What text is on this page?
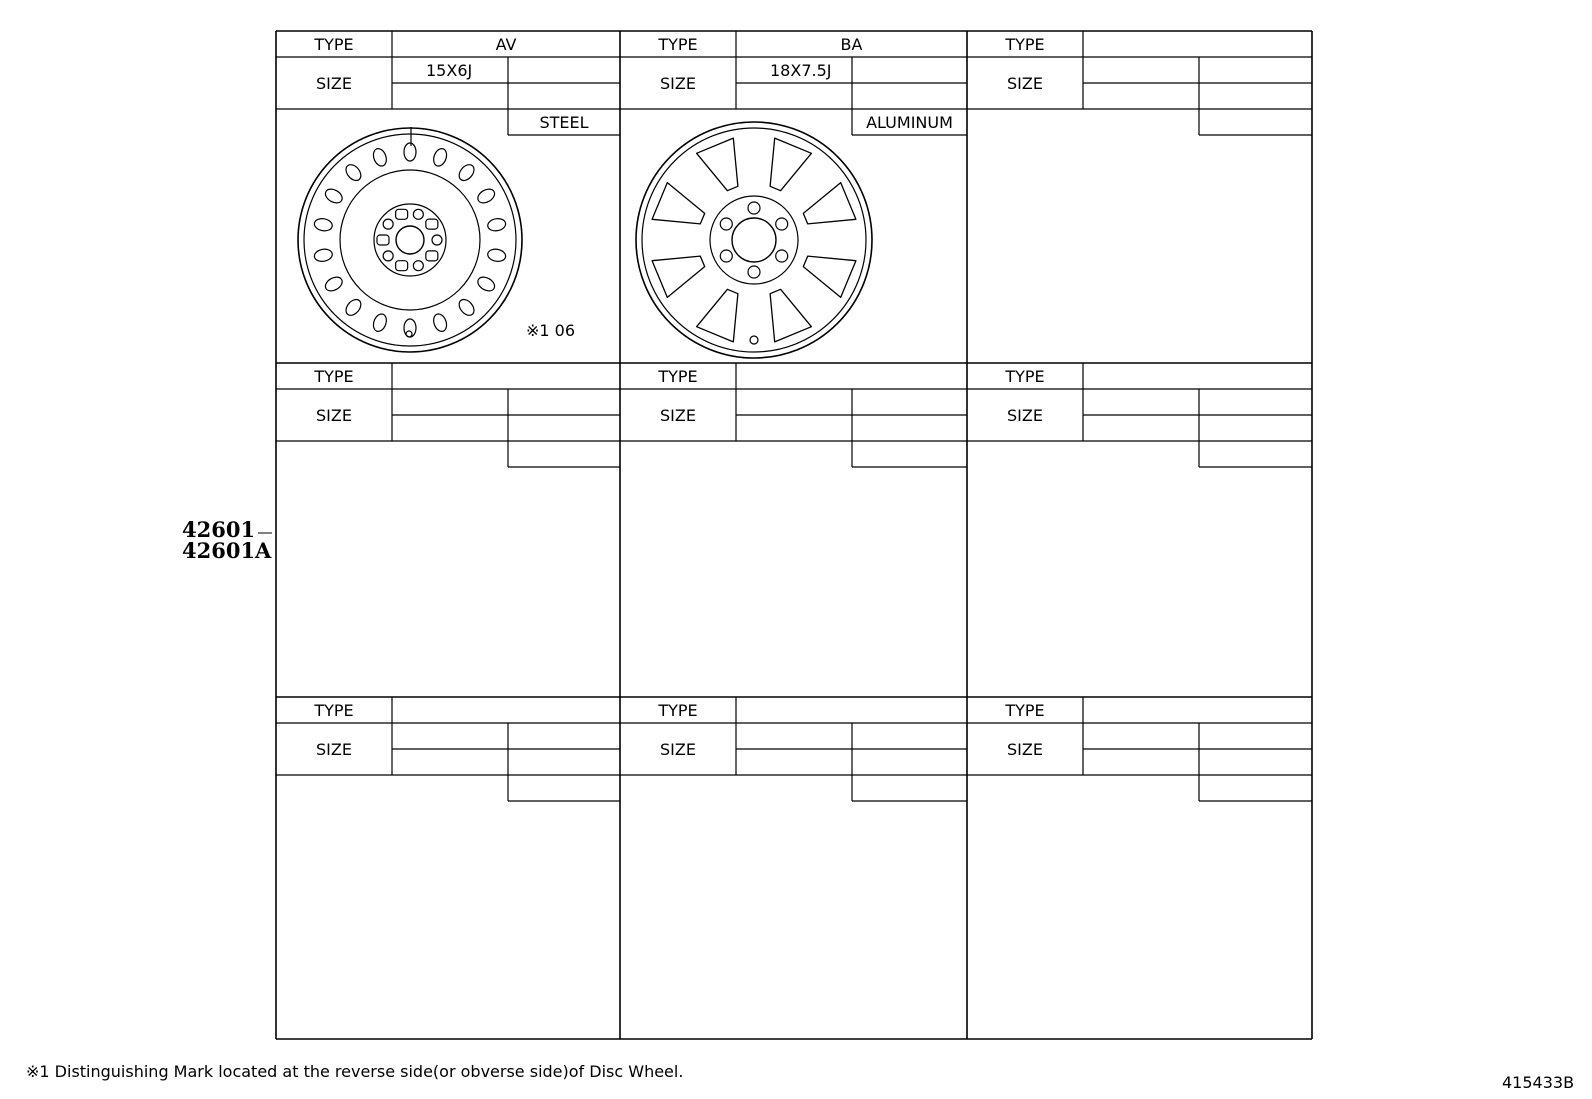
TYPE
SIZE
AV
15X6J
STEEL
※1 06
TYPE
SIZE
BA
18X7.5J
ALUMINUM
TYPE
SIZE
TYPE
SIZE
TYPE
SIZE
TYPE
SIZE
TYPE
SIZE
TYPE
SIZE
TYPE
SIZE
42601
42601A
※1 Distinguishing Mark located at the reverse side(or obverse side)of Disc Wheel.
415433B
